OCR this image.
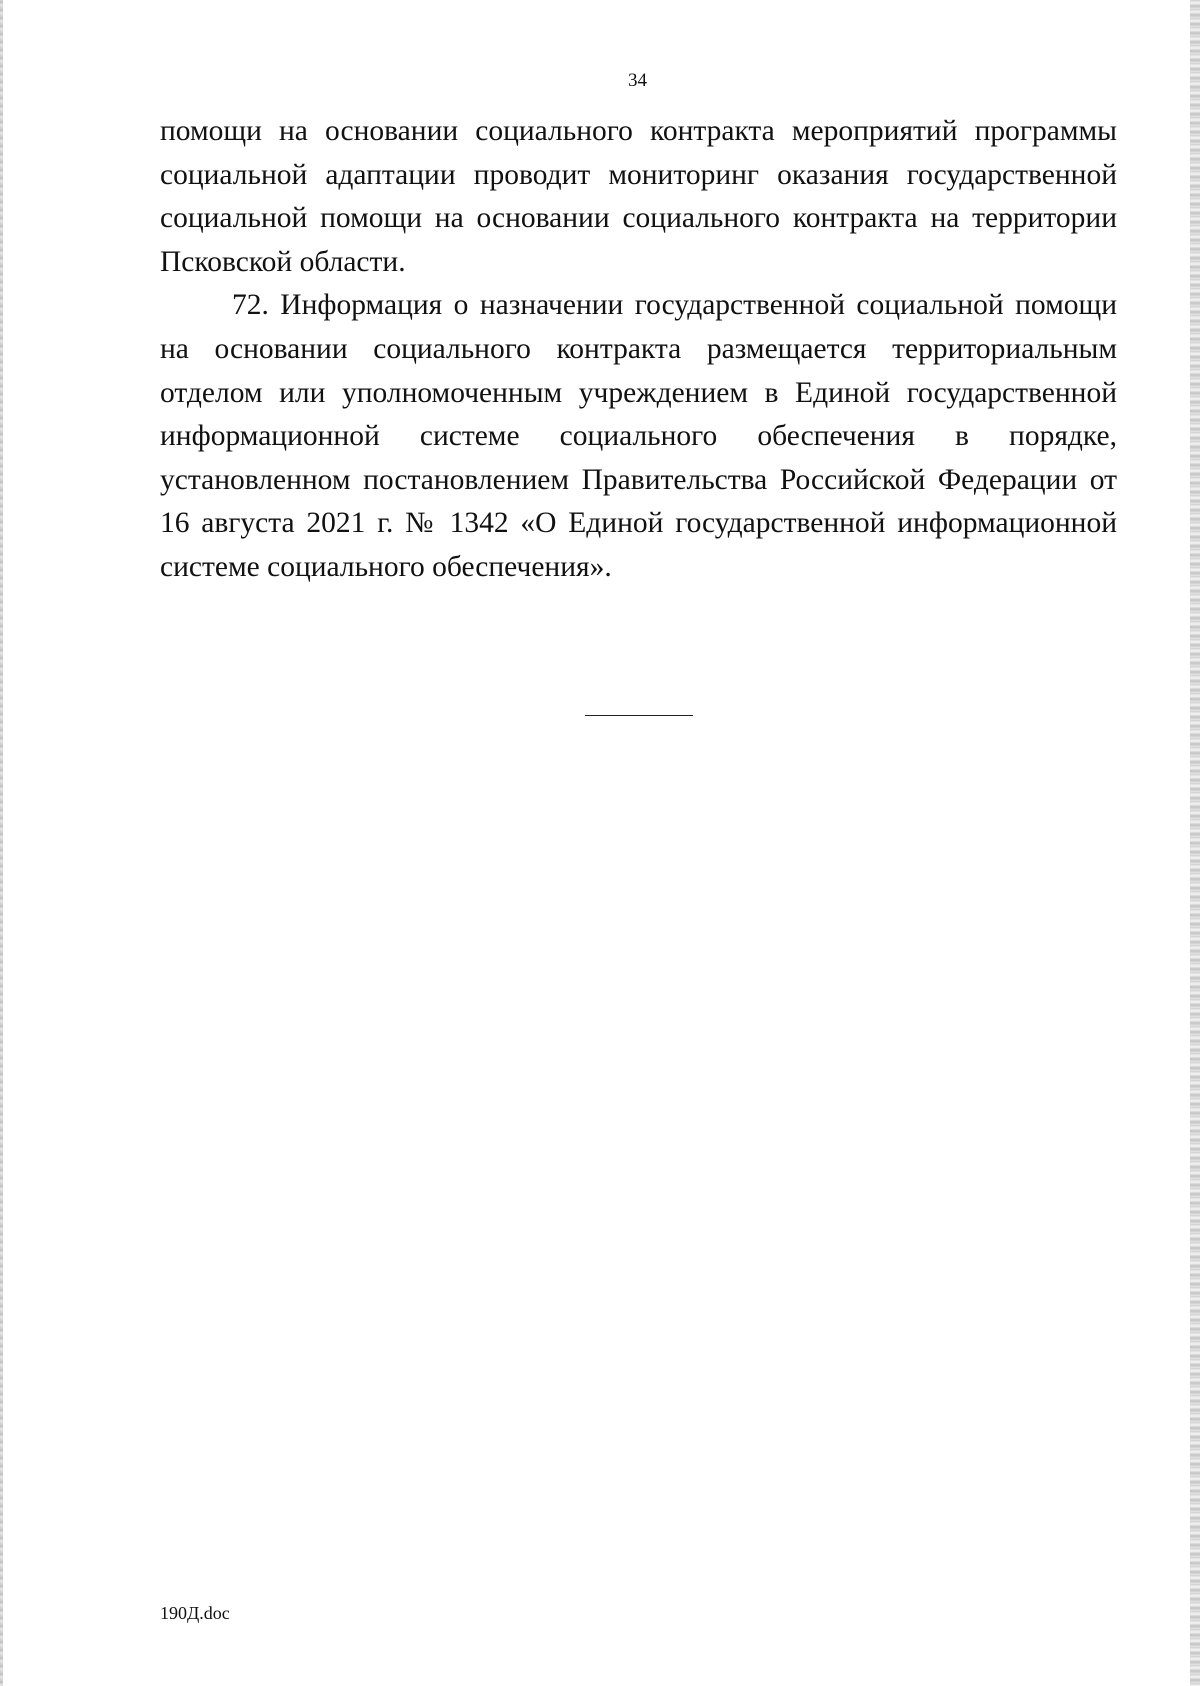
34

помощи на основании социального контракта мероприятий программы социальной адаптации проводит мониторинг оказания государственной социальной помощи на основании социального контракта на территории Псковской области.

72. Информация о назначении государственной социальной помощи на основании социального контракта размещается территориальным отделом или уполномоченным учреждением в Единой государственной информационной системе социального обеспечения в порядке, установленном постановлением Правительства Российской Федерации от 16 августа 2021 г. № 1342 «О Единой государственной информационной системе социального обеспечения».

190Д.doc
